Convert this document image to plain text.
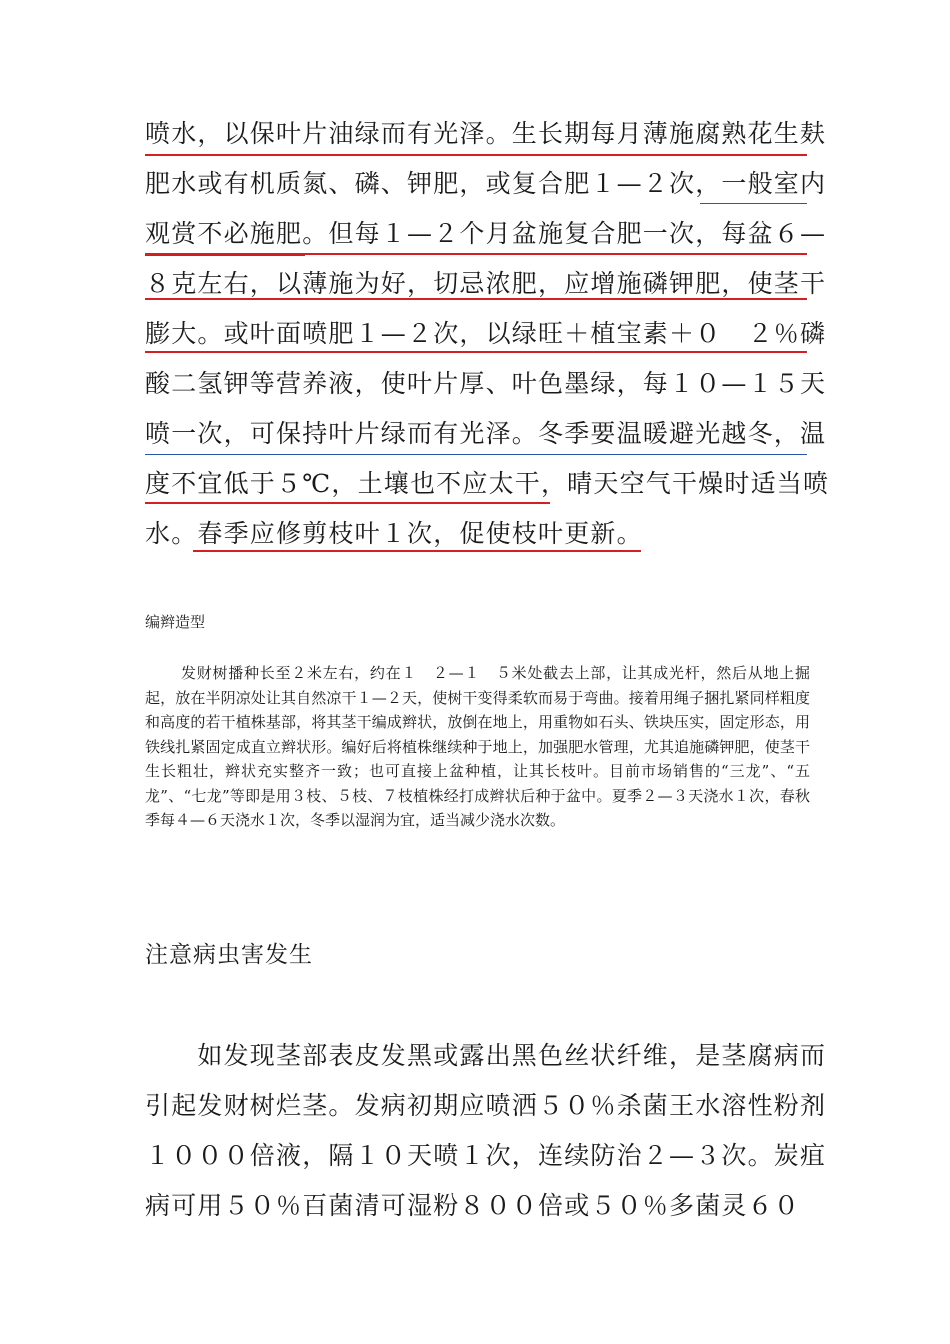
喷水，以保叶片油绿而有光泽。生长期每月薄施腐熟花生麸
肥水或有机质氮、磷、钾肥，或复合肥１—２次，一般室内
观赏不必施肥。但每１—２个月盆施复合肥一次，每盆６—
８克左右，以薄施为好，切忌浓肥，应增施磷钾肥，使茎干
膨大。或叶面喷肥１—２次，以绿旺＋植宝素＋０　２％磷
酸二氢钾等营养液，使叶片厚、叶色墨绿，每１０—１５天
喷一次，可保持叶片绿而有光泽。冬季要温暖避光越冬，温
度不宜低于５℃，土壤也不应太干，晴天空气干燥时适当喷
水。春季应修剪枝叶１次，促使枝叶更新。
编辫造型
发财树播种长至２米左右，约在１　２—１　５米处截去上部，让其成光杆，然后从地上掘起，放在半阴凉处让其自然凉干１—２天，使树干变得柔软而易于弯曲。接着用绳子捆扎紧同样粗度和高度的若干植株基部，将其茎干编成辫状，放倒在地上，用重物如石头、铁块压实，固定形态，用铁线扎紧固定成直立辫状形。编好后将植株继续种于地上，加强肥水管理，尤其追施磷钾肥，使茎干生长粗壮，辫状充实整齐一致；也可直接上盆种植，让其长枝叶。目前市场销售的“三龙”、“五龙”、“七龙”等即是用３枝、５枝、７枝植株经打成辫状后种于盆中。夏季２—３天浇水１次，春秋季每４—６天浇水１次，冬季以湿润为宜，适当减少浇水次数。
注意病虫害发生
　　如发现茎部表皮发黑或露出黑色丝状纤维，是茎腐病而
引起发财树烂茎。发病初期应喷洒５０％杀菌王水溶性粉剂
１０００倍液，隔１０天喷１次，连续防治２—３次。炭疽
病可用５０％百菌清可湿粉８００倍或５０％多菌灵６０
